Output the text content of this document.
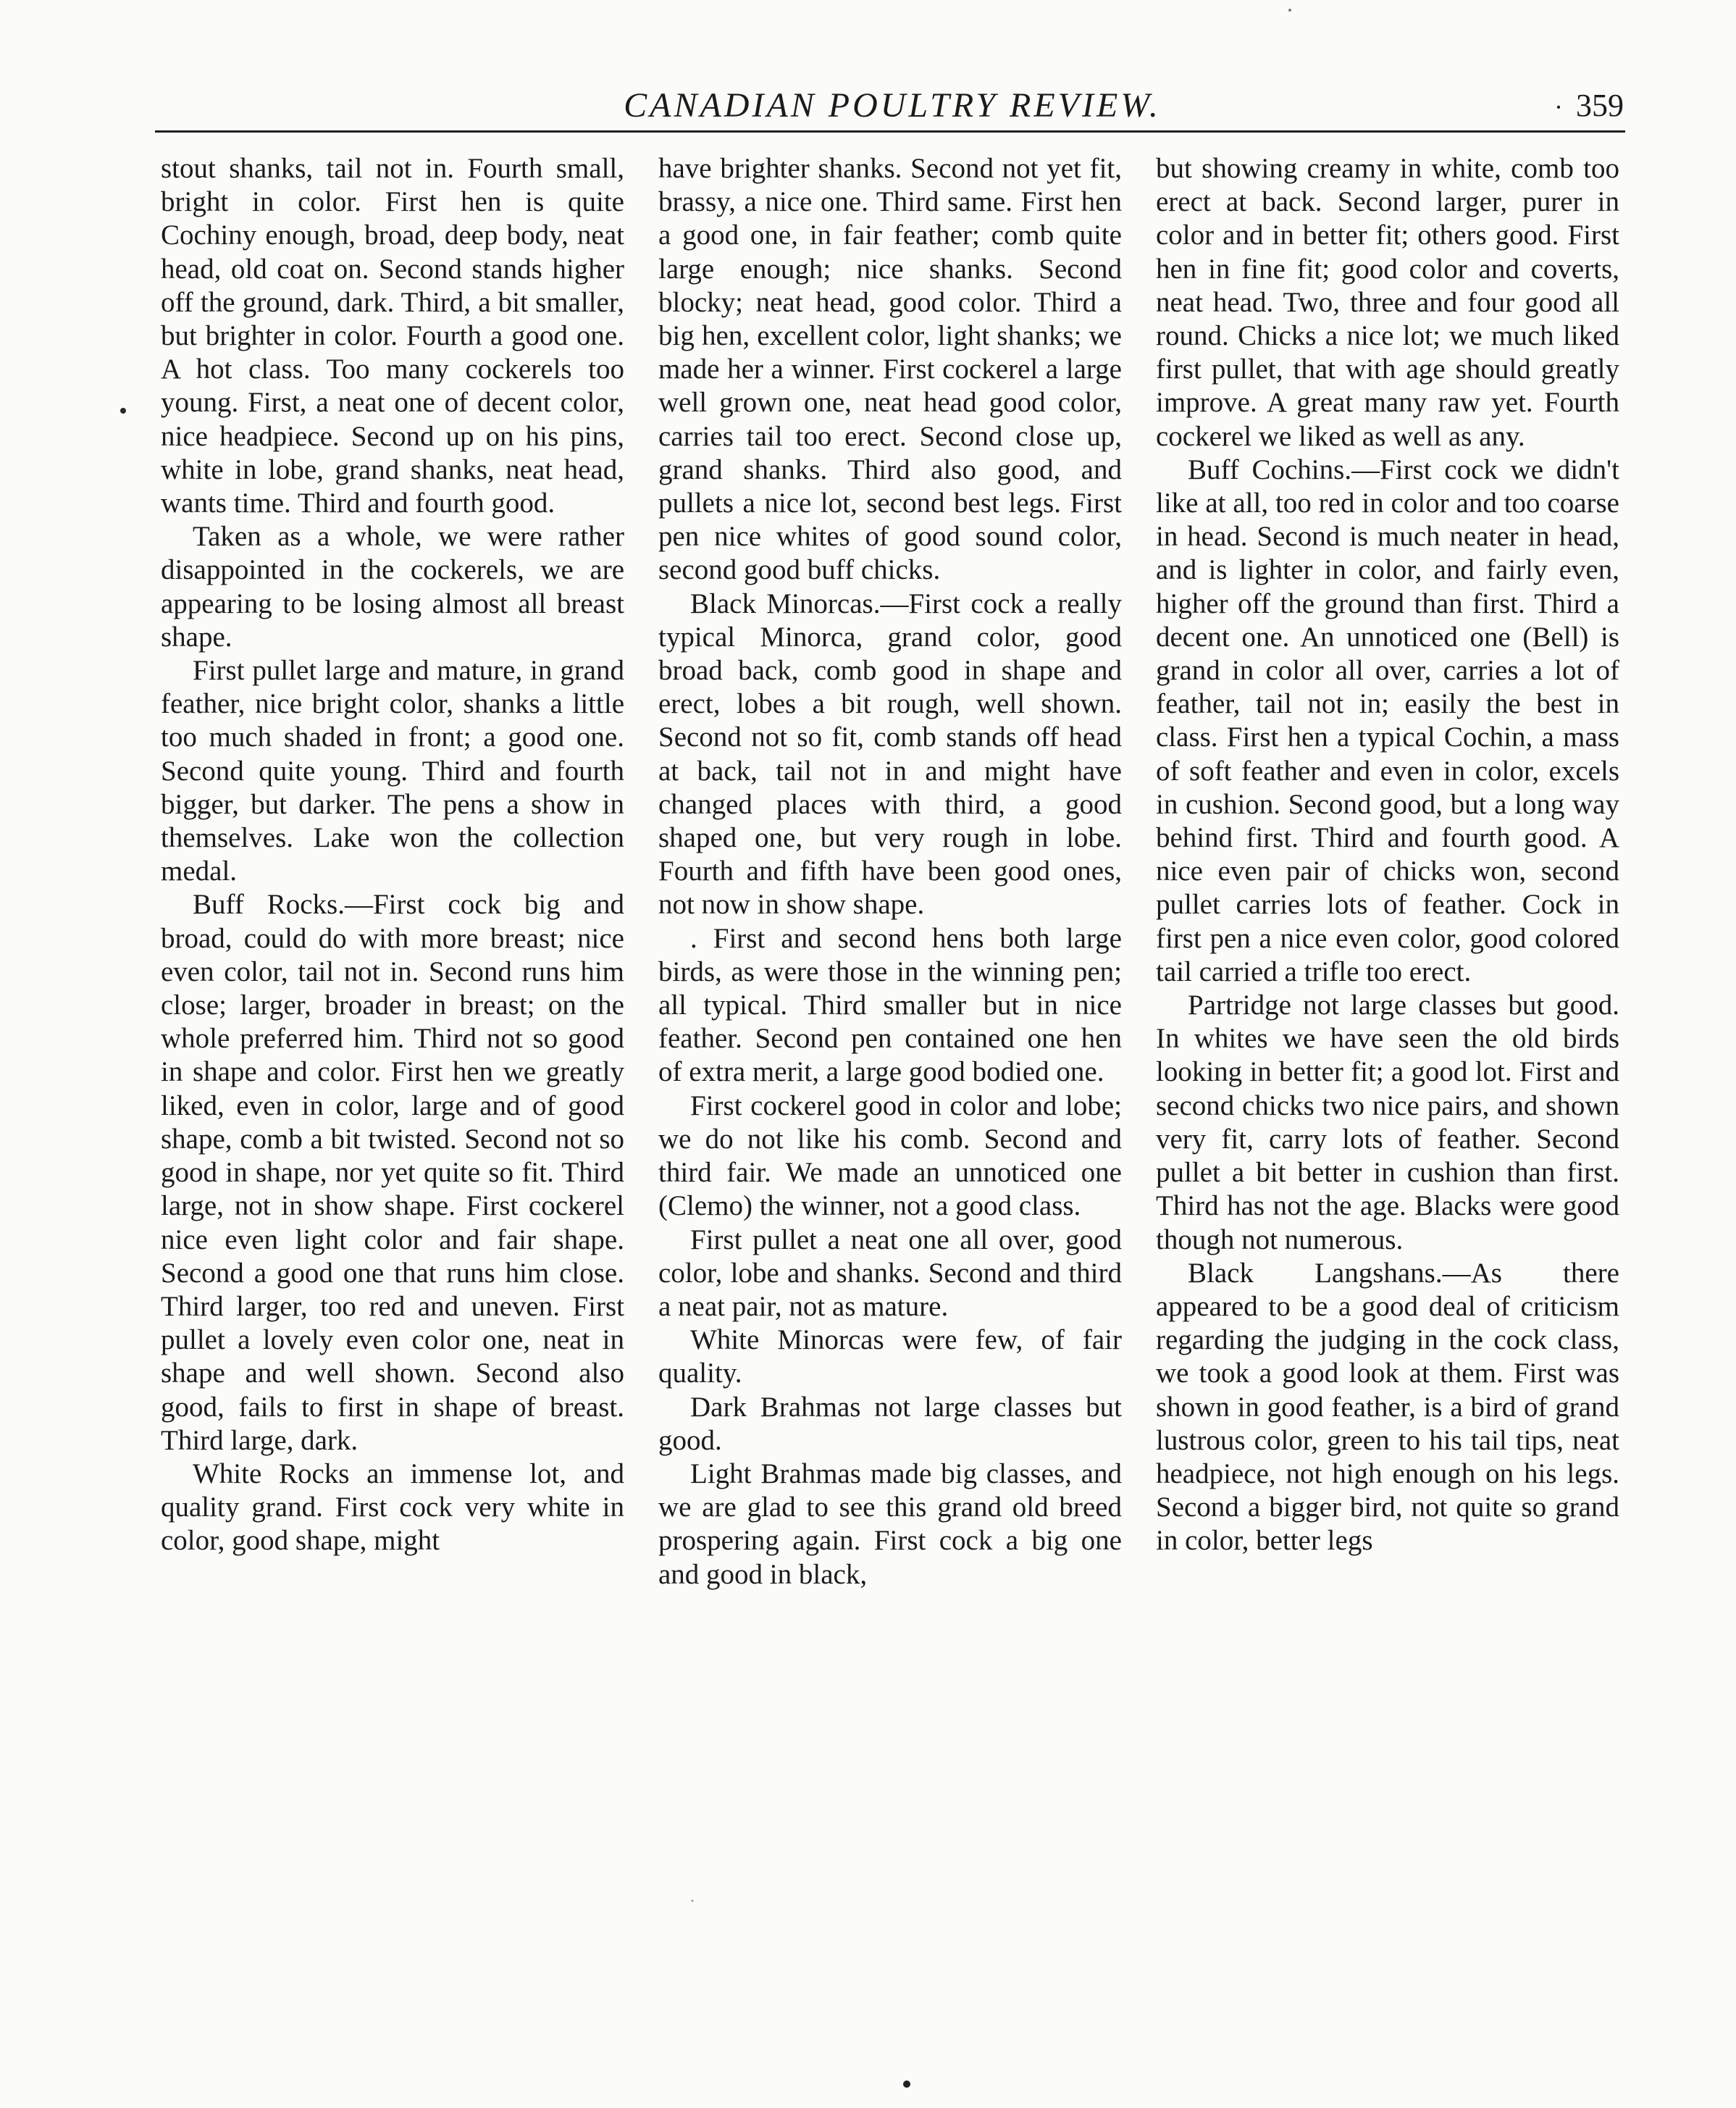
CANADIAN POULTRY REVIEW.
·	359

stout shanks, tail not in. Fourth small, bright in color. First hen is quite Cochiny enough, broad, deep body, neat head, old coat on. Second stands higher off the ground, dark. Third, a bit smaller, but brighter in color. Fourth a good one. A hot class. Too many cockerels too young. First, a neat one of decent color, nice headpiece. Second up on his pins, white in lobe, grand shanks, neat head, wants time. Third and fourth good.

Taken as a whole, we were rather disappointed in the cockerels, we are appearing to be losing almost all breast shape.

First pullet large and mature, in grand feather, nice bright color, shanks a little too much shaded in front; a good one. Second quite young. Third and fourth bigger, but darker. The pens a show in themselves. Lake won the collection medal.

Buff Rocks.—First cock big and broad, could do with more breast; nice even color, tail not in. Second runs him close; larger, broader in breast; on the whole preferred him. Third not so good in shape and color. First hen we greatly liked, even in color, large and of good shape, comb a bit twisted. Second not so good in shape, nor yet quite so fit. Third large, not in show shape. First cockerel nice even light color and fair shape. Second a good one that runs him close. Third larger, too red and uneven. First pullet a lovely even color one, neat in shape and well shown. Second also good, fails to first in shape of breast. Third large, dark.

White Rocks an immense lot, and quality grand. First cock very white in color, good shape, might

have brighter shanks. Second not yet fit, brassy, a nice one. Third same. First hen a good one, in fair feather; comb quite large enough; nice shanks. Second blocky; neat head, good color. Third a big hen, excellent color, light shanks; we made her a winner. First cockerel a large well grown one, neat head good color, carries tail too erect. Second close up, grand shanks. Third also good, and pullets a nice lot, second best legs. First pen nice whites of good sound color, second good buff chicks.

Black Minorcas.—First cock a really typical Minorca, grand color, good broad back, comb good in shape and erect, lobes a bit rough, well shown. Second not so fit, comb stands off head at back, tail not in and might have changed places with third, a good shaped one, but very rough in lobe. Fourth and fifth have been good ones, not now in show shape.

. First and second hens both large birds, as were those in the winning pen; all typical. Third smaller but in nice feather. Second pen contained one hen of extra merit, a large good bodied one.

First cockerel good in color and lobe; we do not like his comb. Second and third fair. We made an unnoticed one (Clemo) the winner, not a good class.

First pullet a neat one all over, good color, lobe and shanks. Second and third a neat pair, not as mature.

White Minorcas were few, of fair quality.

Dark Brahmas not large classes but good.

Light Brahmas made big classes, and we are glad to see this grand old breed prospering again. First cock a big one and good in black,

but showing creamy in white, comb too erect at back. Second larger, purer in color and in better fit; others good. First hen in fine fit; good color and coverts, neat head. Two, three and four good all round. Chicks a nice lot; we much liked first pullet, that with age should greatly improve. A great many raw yet. Fourth cockerel we liked as well as any.

Buff Cochins.—First cock we didn't like at all, too red in color and too coarse in head. Second is much neater in head, and is lighter in color, and fairly even, higher off the ground than first. Third a decent one. An unnoticed one (Bell) is grand in color all over, carries a lot of feather, tail not in; easily the best in class. First hen a typical Cochin, a mass of soft feather and even in color, excels in cushion. Second good, but a long way behind first. Third and fourth good. A nice even pair of chicks won, second pullet carries lots of feather. Cock in first pen a nice even color, good colored tail carried a trifle too erect.

Partridge not large classes but good. In whites we have seen the old birds looking in better fit; a good lot. First and second chicks two nice pairs, and shown very fit, carry lots of feather. Second pullet a bit better in cushion than first. Third has not the age. Blacks were good though not numerous.

Black Langshans.—As there appeared to be a good deal of criticism regarding the judging in the cock class, we took a good look at them. First was shown in good feather, is a bird of grand lustrous color, green to his tail tips, neat headpiece, not high enough on his legs. Second a bigger bird, not quite so grand in color, better legs
